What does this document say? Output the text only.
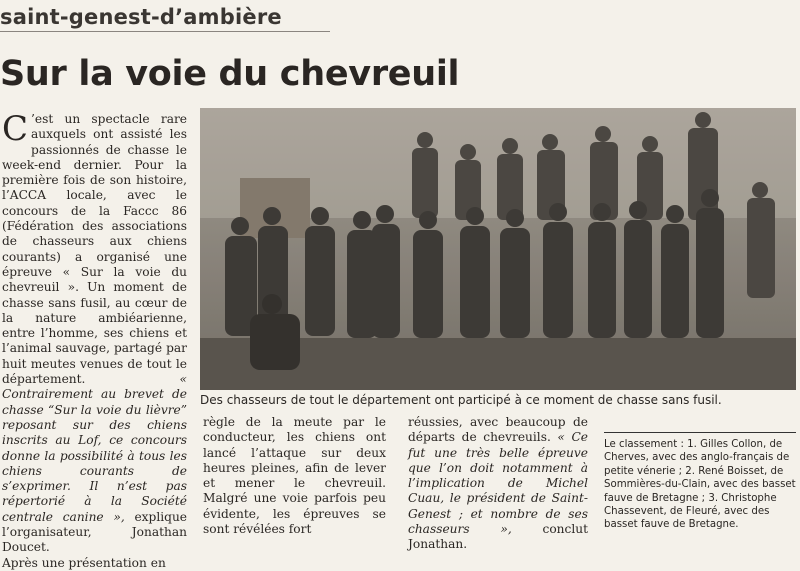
saint-genest-d’ambière
Sur la voie du chevreuil

C ’est un spectacle rare auxquels ont assisté les passionnés de chasse le week-end dernier. Pour la première fois de son histoire, l’ACCA locale, avec le concours de la Faccc 86 (Fédération des associations de chasseurs aux chiens courants) a organisé une épreuve « Sur la voie du chevreuil ». Un moment de chasse sans fusil, au cœur de la nature ambiéarienne, entre l’homme, ses chiens et l’animal sauvage, partagé par huit meutes venues de tout le département. « Contrairement au brevet de chasse “Sur la voie du lièvre” reposant sur des chiens inscrits au Lof, ce concours donne la possibilité à tous les chiens courants de s’exprimer. Il n’est pas répertorié à la Société centrale canine », explique l’organisateur, Jonathan Doucet.
Après une présentation en

Des chasseurs de tout le département ont participé à ce moment de chasse sans fusil.

règle de la meute par le conducteur, les chiens ont lancé l’attaque sur deux heures pleines, afin de lever et mener le chevreuil. Malgré une voie parfois peu évidente, les épreuves se sont révélées fort

réussies, avec beaucoup de départs de chevreuils. « Ce fut une très belle épreuve que l’on doit notamment à l’implication de Michel Cuau, le président de Saint-Genest ; et nombre de ses chasseurs », conclut Jonathan.

Le classement : 1. Gilles Collon, de Cherves, avec des anglo-français de petite vénerie ; 2. René Boisset, de Sommières-du-Clain, avec des basset fauve de Bretagne ; 3. Christophe Chassevent, de Fleuré, avec des basset fauve de Bretagne.
